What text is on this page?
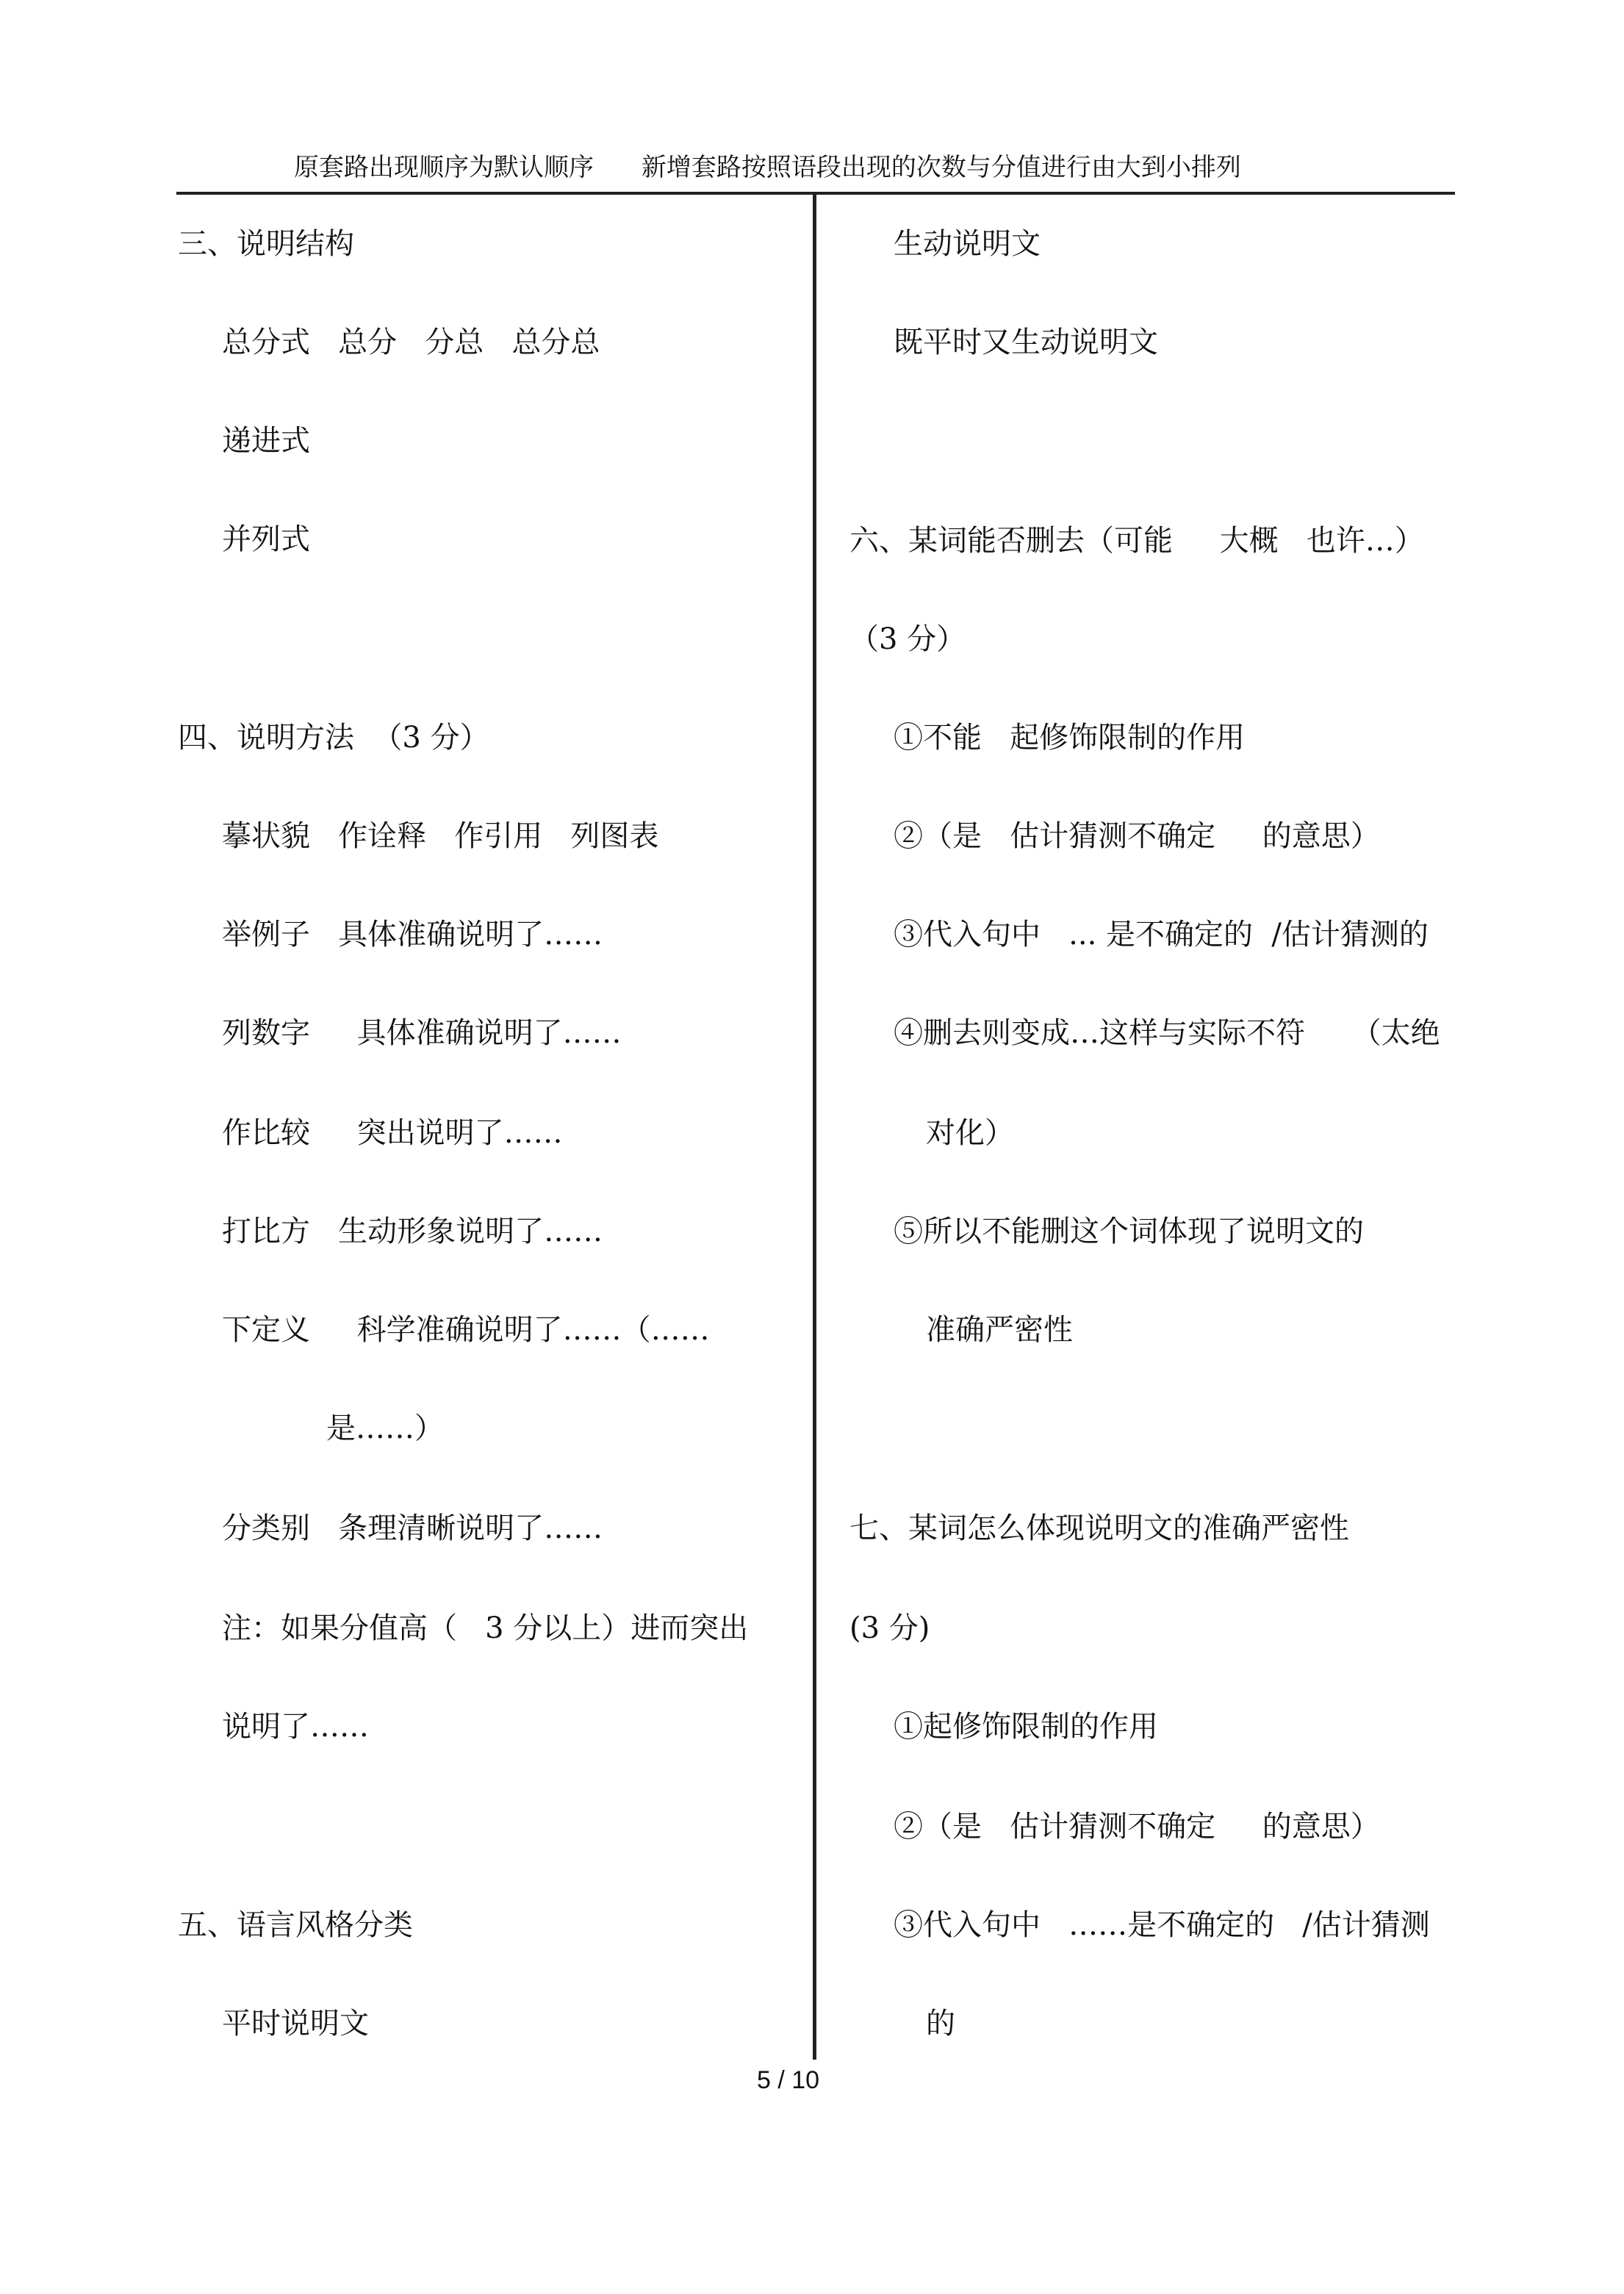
原套路出现顺序为默认顺序      新增套路按照语段出现的次数与分值进行由大到小排列
三、说明结构
总分式   总分   分总   总分总
递进式
并列式
四、说明方法  （3 分）
摹状貌   作诠释   作引用   列图表
举例子   具体准确说明了……
列数字     具体准确说明了……
作比较     突出说明了……
打比方   生动形象说明了……
下定义     科学准确说明了……（……
是……）
分类别   条理清晰说明了……
注：如果分值高（   3 分以上）进而突出
说明了……
五、语言风格分类
平时说明文
生动说明文
既平时又生动说明文
六、某词能否删去（可能     大概   也许…）
（3 分）
①不能   起修饰限制的作用
②（是   估计猜测不确定     的意思）
③代入句中   ... 是不确定的  /估计猜测的
④删去则变成…这样与实际不符     （太绝
对化）
⑤所以不能删这个词体现了说明文的
准确严密性
七、某词怎么体现说明文的准确严密性
(3 分)
①起修饰限制的作用
②（是   估计猜测不确定     的意思）
③代入句中   ……是不确定的   /估计猜测
的
5 / 10
